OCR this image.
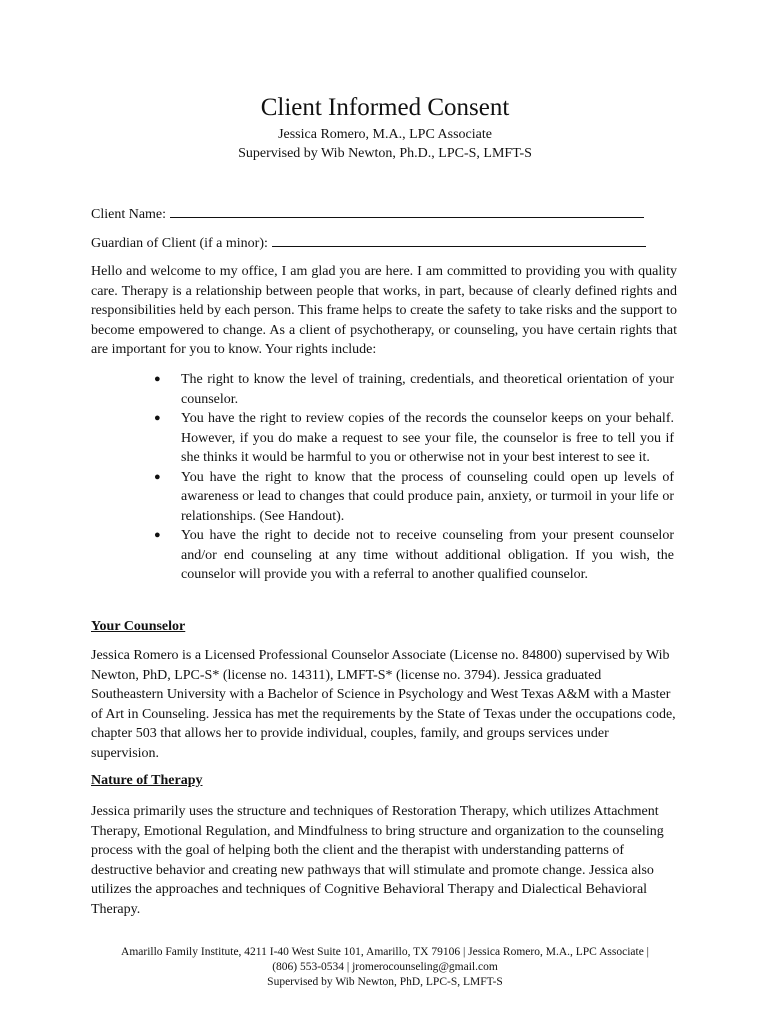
Client Informed Consent
Jessica Romero, M.A., LPC Associate
Supervised by Wib Newton, Ph.D., LPC-S, LMFT-S
Client Name:
Guardian of Client (if a minor):
Hello and welcome to my office, I am glad you are here. I am committed to providing you with quality care. Therapy is a relationship between people that works, in part, because of clearly defined rights and responsibilities held by each person. This frame helps to create the safety to take risks and the support to become empowered to change. As a client of psychotherapy, or counseling, you have certain rights that are important for you to know. Your rights include:
● The right to know the level of training, credentials, and theoretical orientation of your counselor.
● You have the right to review copies of the records the counselor keeps on your behalf. However, if you do make a request to see your file, the counselor is free to tell you if she thinks it would be harmful to you or otherwise not in your best interest to see it.
● You have the right to know that the process of counseling could open up levels of awareness or lead to changes that could produce pain, anxiety, or turmoil in your life or relationships. (See Handout).
● You have the right to decide not to receive counseling from your present counselor and/or end counseling at any time without additional obligation. If you wish, the counselor will provide you with a referral to another qualified counselor.
Your Counselor
Jessica Romero is a Licensed Professional Counselor Associate (License no. 84800) supervised by Wib Newton, PhD, LPC-S* (license no. 14311), LMFT-S* (license no. 3794). Jessica graduated Southeastern University with a Bachelor of Science in Psychology and West Texas A&M with a Master of Art in Counseling. Jessica has met the requirements by the State of Texas under the occupations code, chapter 503 that allows her to provide individual, couples, family, and groups services under supervision.
Nature of Therapy
Jessica primarily uses the structure and techniques of Restoration Therapy, which utilizes Attachment Therapy, Emotional Regulation, and Mindfulness to bring structure and organization to the counseling process with the goal of helping both the client and the therapist with understanding patterns of destructive behavior and creating new pathways that will stimulate and promote change. Jessica also utilizes the approaches and techniques of Cognitive Behavioral Therapy and Dialectical Behavioral Therapy.
Amarillo Family Institute, 4211 I-40 West Suite 101, Amarillo, TX 79106 | Jessica Romero, M.A., LPC Associate |
(806) 553-0534 | jromerocounseling@gmail.com
Supervised by Wib Newton, PhD, LPC-S, LMFT-S
